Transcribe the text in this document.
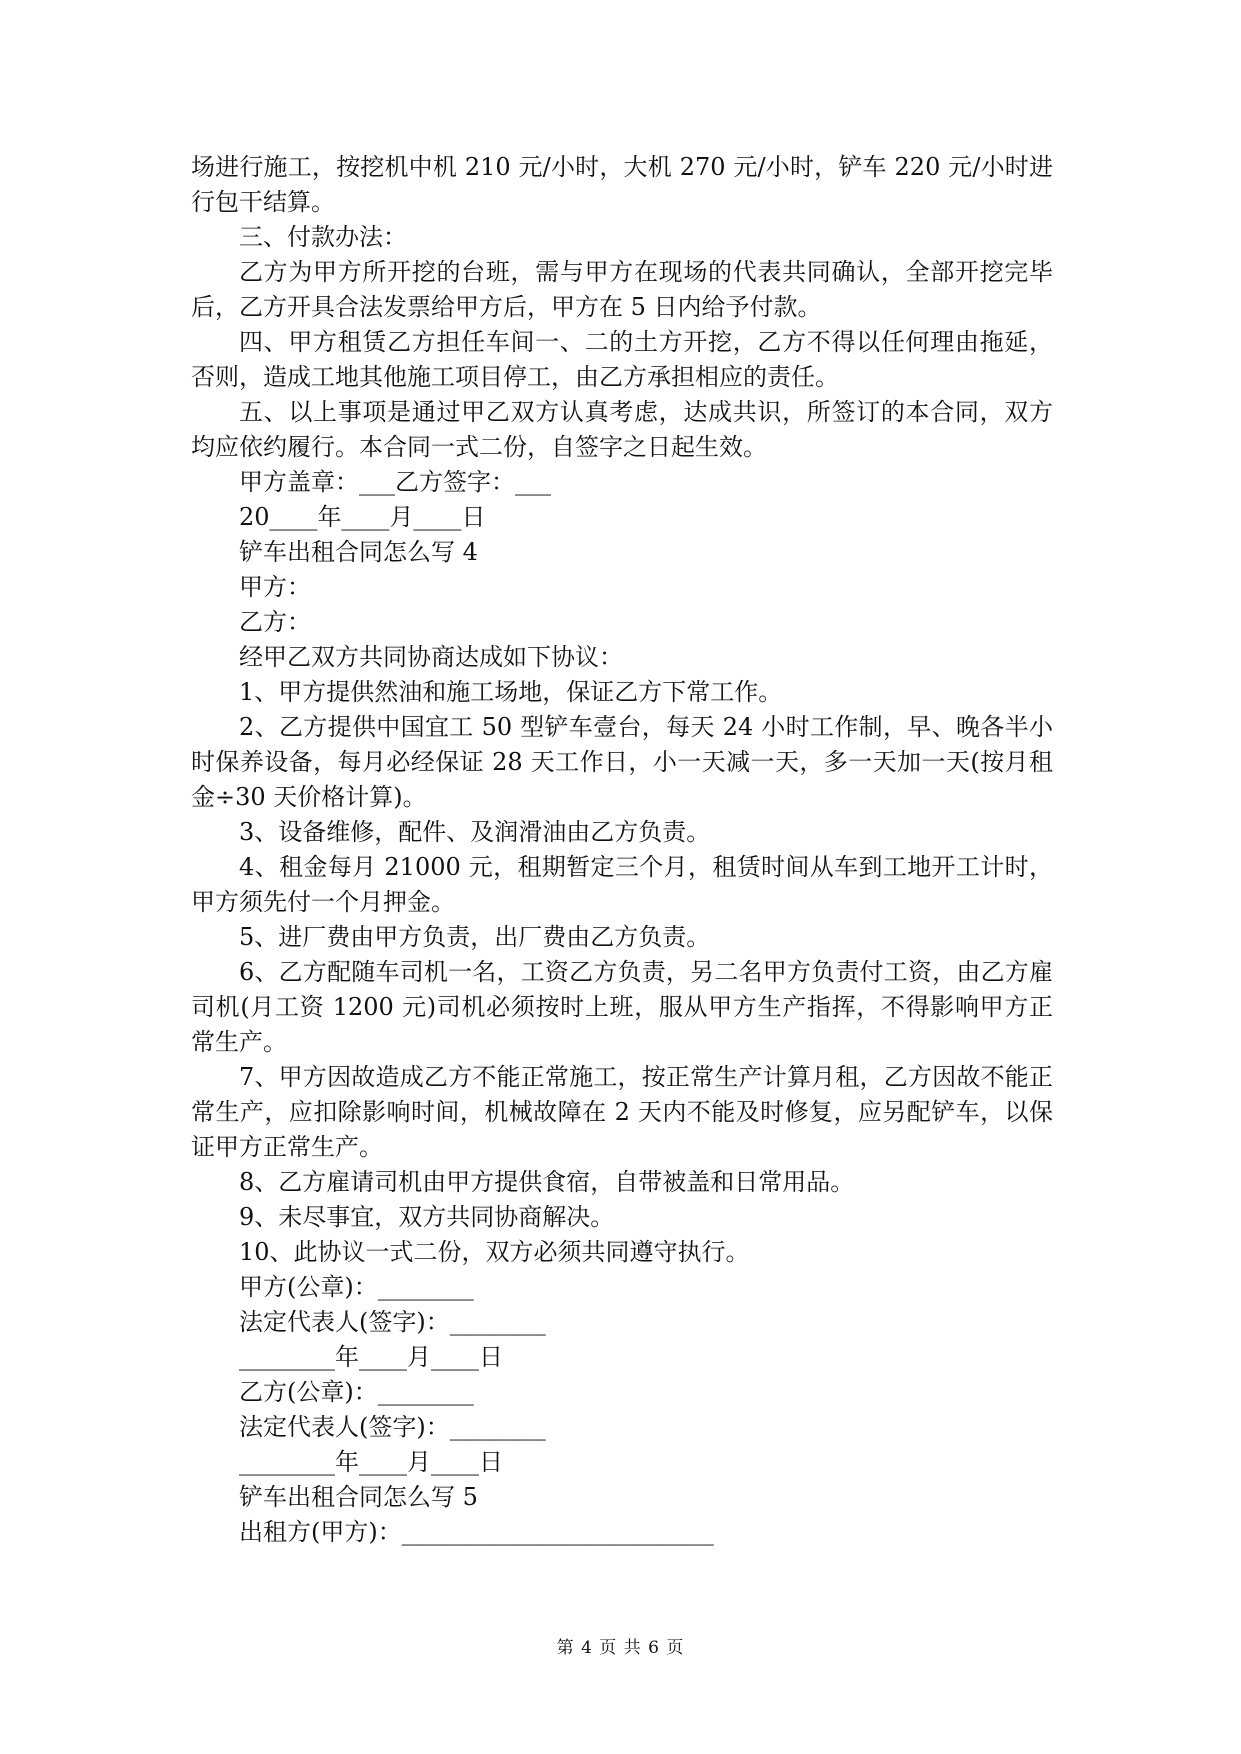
场进行施工，按挖机中机 210 元/小时，大机 270 元/小时，铲车 220 元/小时进行包干结算。

三、付款办法：

乙方为甲方所开挖的台班，需与甲方在现场的代表共同确认，全部开挖完毕后，乙方开具合法发票给甲方后，甲方在 5 日内给予付款。

四、甲方租赁乙方担任车间一、二的土方开挖，乙方不得以任何理由拖延，否则，造成工地其他施工项目停工，由乙方承担相应的责任。

五、以上事项是通过甲乙双方认真考虑，达成共识，所签订的本合同，双方均应依约履行。本合同一式二份，自签字之日起生效。

甲方盖章：___乙方签字：___

20____年____月____日

铲车出租合同怎么写 4

甲方：

乙方：

经甲乙双方共同协商达成如下协议：

1、甲方提供然油和施工场地，保证乙方下常工作。

2、乙方提供中国宜工 50 型铲车壹台，每天 24 小时工作制，早、晚各半小时保养设备，每月必经保证 28 天工作日，小一天减一天，多一天加一天(按月租金÷30 天价格计算)。

3、设备维修，配件、及润滑油由乙方负责。

4、租金每月 21000 元，租期暂定三个月，租赁时间从车到工地开工计时，甲方须先付一个月押金。

5、进厂费由甲方负责，出厂费由乙方负责。

6、乙方配随车司机一名，工资乙方负责，另二名甲方负责付工资，由乙方雇司机(月工资 1200 元)司机必须按时上班，服从甲方生产指挥，不得影响甲方正常生产。

7、甲方因故造成乙方不能正常施工，按正常生产计算月租，乙方因故不能正常生产，应扣除影响时间，机械故障在 2 天内不能及时修复，应另配铲车，以保证甲方正常生产。

8、乙方雇请司机由甲方提供食宿，自带被盖和日常用品。

9、未尽事宜，双方共同协商解决。

10、此协议一式二份，双方必须共同遵守执行。

甲方(公章)：________

法定代表人(签字)：________

________年____月____日

乙方(公章)：________

法定代表人(签字)：________

________年____月____日

铲车出租合同怎么写 5

出租方(甲方)：__________________________

第 4 页 共 6 页
